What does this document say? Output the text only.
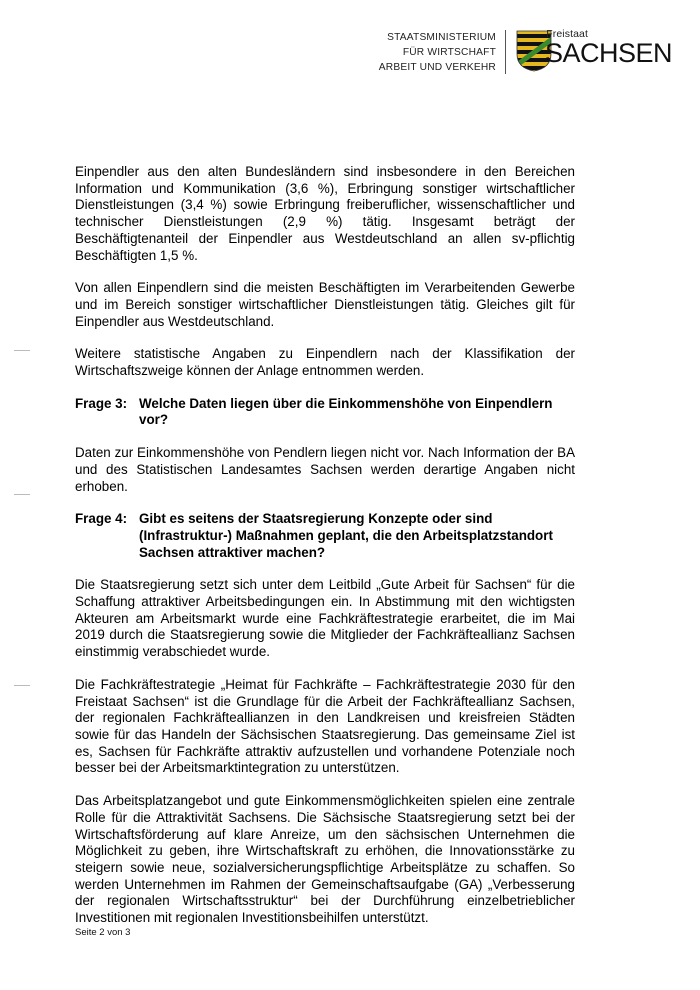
STAATSMINISTERIUM
FÜR WIRTSCHAFT
ARBEIT UND VERKEHR
Freistaat
SACHSEN

Einpendler aus den alten Bundesländern sind insbesondere in den Bereichen Information und Kommunikation (3,6 %), Erbringung sonstiger wirtschaftlicher Dienstleistungen (3,4 %) sowie Erbringung freiberuflicher, wissenschaftlicher und technischer Dienstleistungen (2,9 %) tätig. Insgesamt beträgt der Beschäftigtenanteil der Einpendler aus Westdeutschland an allen sv-pflichtig Beschäftigten 1,5 %.

Von allen Einpendlern sind die meisten Beschäftigten im Verarbeitenden Gewerbe und im Bereich sonstiger wirtschaftlicher Dienstleistungen tätig. Gleiches gilt für Einpendler aus Westdeutschland.

Weitere statistische Angaben zu Einpendlern nach der Klassifikation der Wirtschaftszweige können der Anlage entnommen werden.

Frage 3: Welche Daten liegen über die Einkommenshöhe von Einpendlern vor?

Daten zur Einkommenshöhe von Pendlern liegen nicht vor. Nach Information der BA und des Statistischen Landesamtes Sachsen werden derartige Angaben nicht erhoben.

Frage 4: Gibt es seitens der Staatsregierung Konzepte oder sind (Infrastruktur-) Maßnahmen geplant, die den Arbeitsplatzstandort Sachsen attraktiver machen?

Die Staatsregierung setzt sich unter dem Leitbild „Gute Arbeit für Sachsen“ für die Schaffung attraktiver Arbeitsbedingungen ein. In Abstimmung mit den wichtigsten Akteuren am Arbeitsmarkt wurde eine Fachkräftestrategie erarbeitet, die im Mai 2019 durch die Staatsregierung sowie die Mitglieder der Fachkräfteallianz Sachsen einstimmig verabschiedet wurde.

Die Fachkräftestrategie „Heimat für Fachkräfte – Fachkräftestrategie 2030 für den Freistaat Sachsen“ ist die Grundlage für die Arbeit der Fachkräfteallianz Sachsen, der regionalen Fachkräfteallianzen in den Landkreisen und kreisfreien Städten sowie für das Handeln der Sächsischen Staatsregierung. Das gemeinsame Ziel ist es, Sachsen für Fachkräfte attraktiv aufzustellen und vorhandene Potenziale noch besser bei der Arbeitsmarktintegration zu unterstützen.

Das Arbeitsplatzangebot und gute Einkommensmöglichkeiten spielen eine zentrale Rolle für die Attraktivität Sachsens. Die Sächsische Staatsregierung setzt bei der Wirtschaftsförderung auf klare Anreize, um den sächsischen Unternehmen die Möglichkeit zu geben, ihre Wirtschaftskraft zu erhöhen, die Innovationsstärke zu steigern sowie neue, sozialversicherungspflichtige Arbeitsplätze zu schaffen. So werden Unternehmen im Rahmen der Gemeinschaftsaufgabe (GA) „Verbesserung der regionalen Wirtschaftsstruktur“ bei der Durchführung einzelbetrieblicher Investitionen mit regionalen Investitionsbeihilfen unterstützt.

Seite 2 von 3
